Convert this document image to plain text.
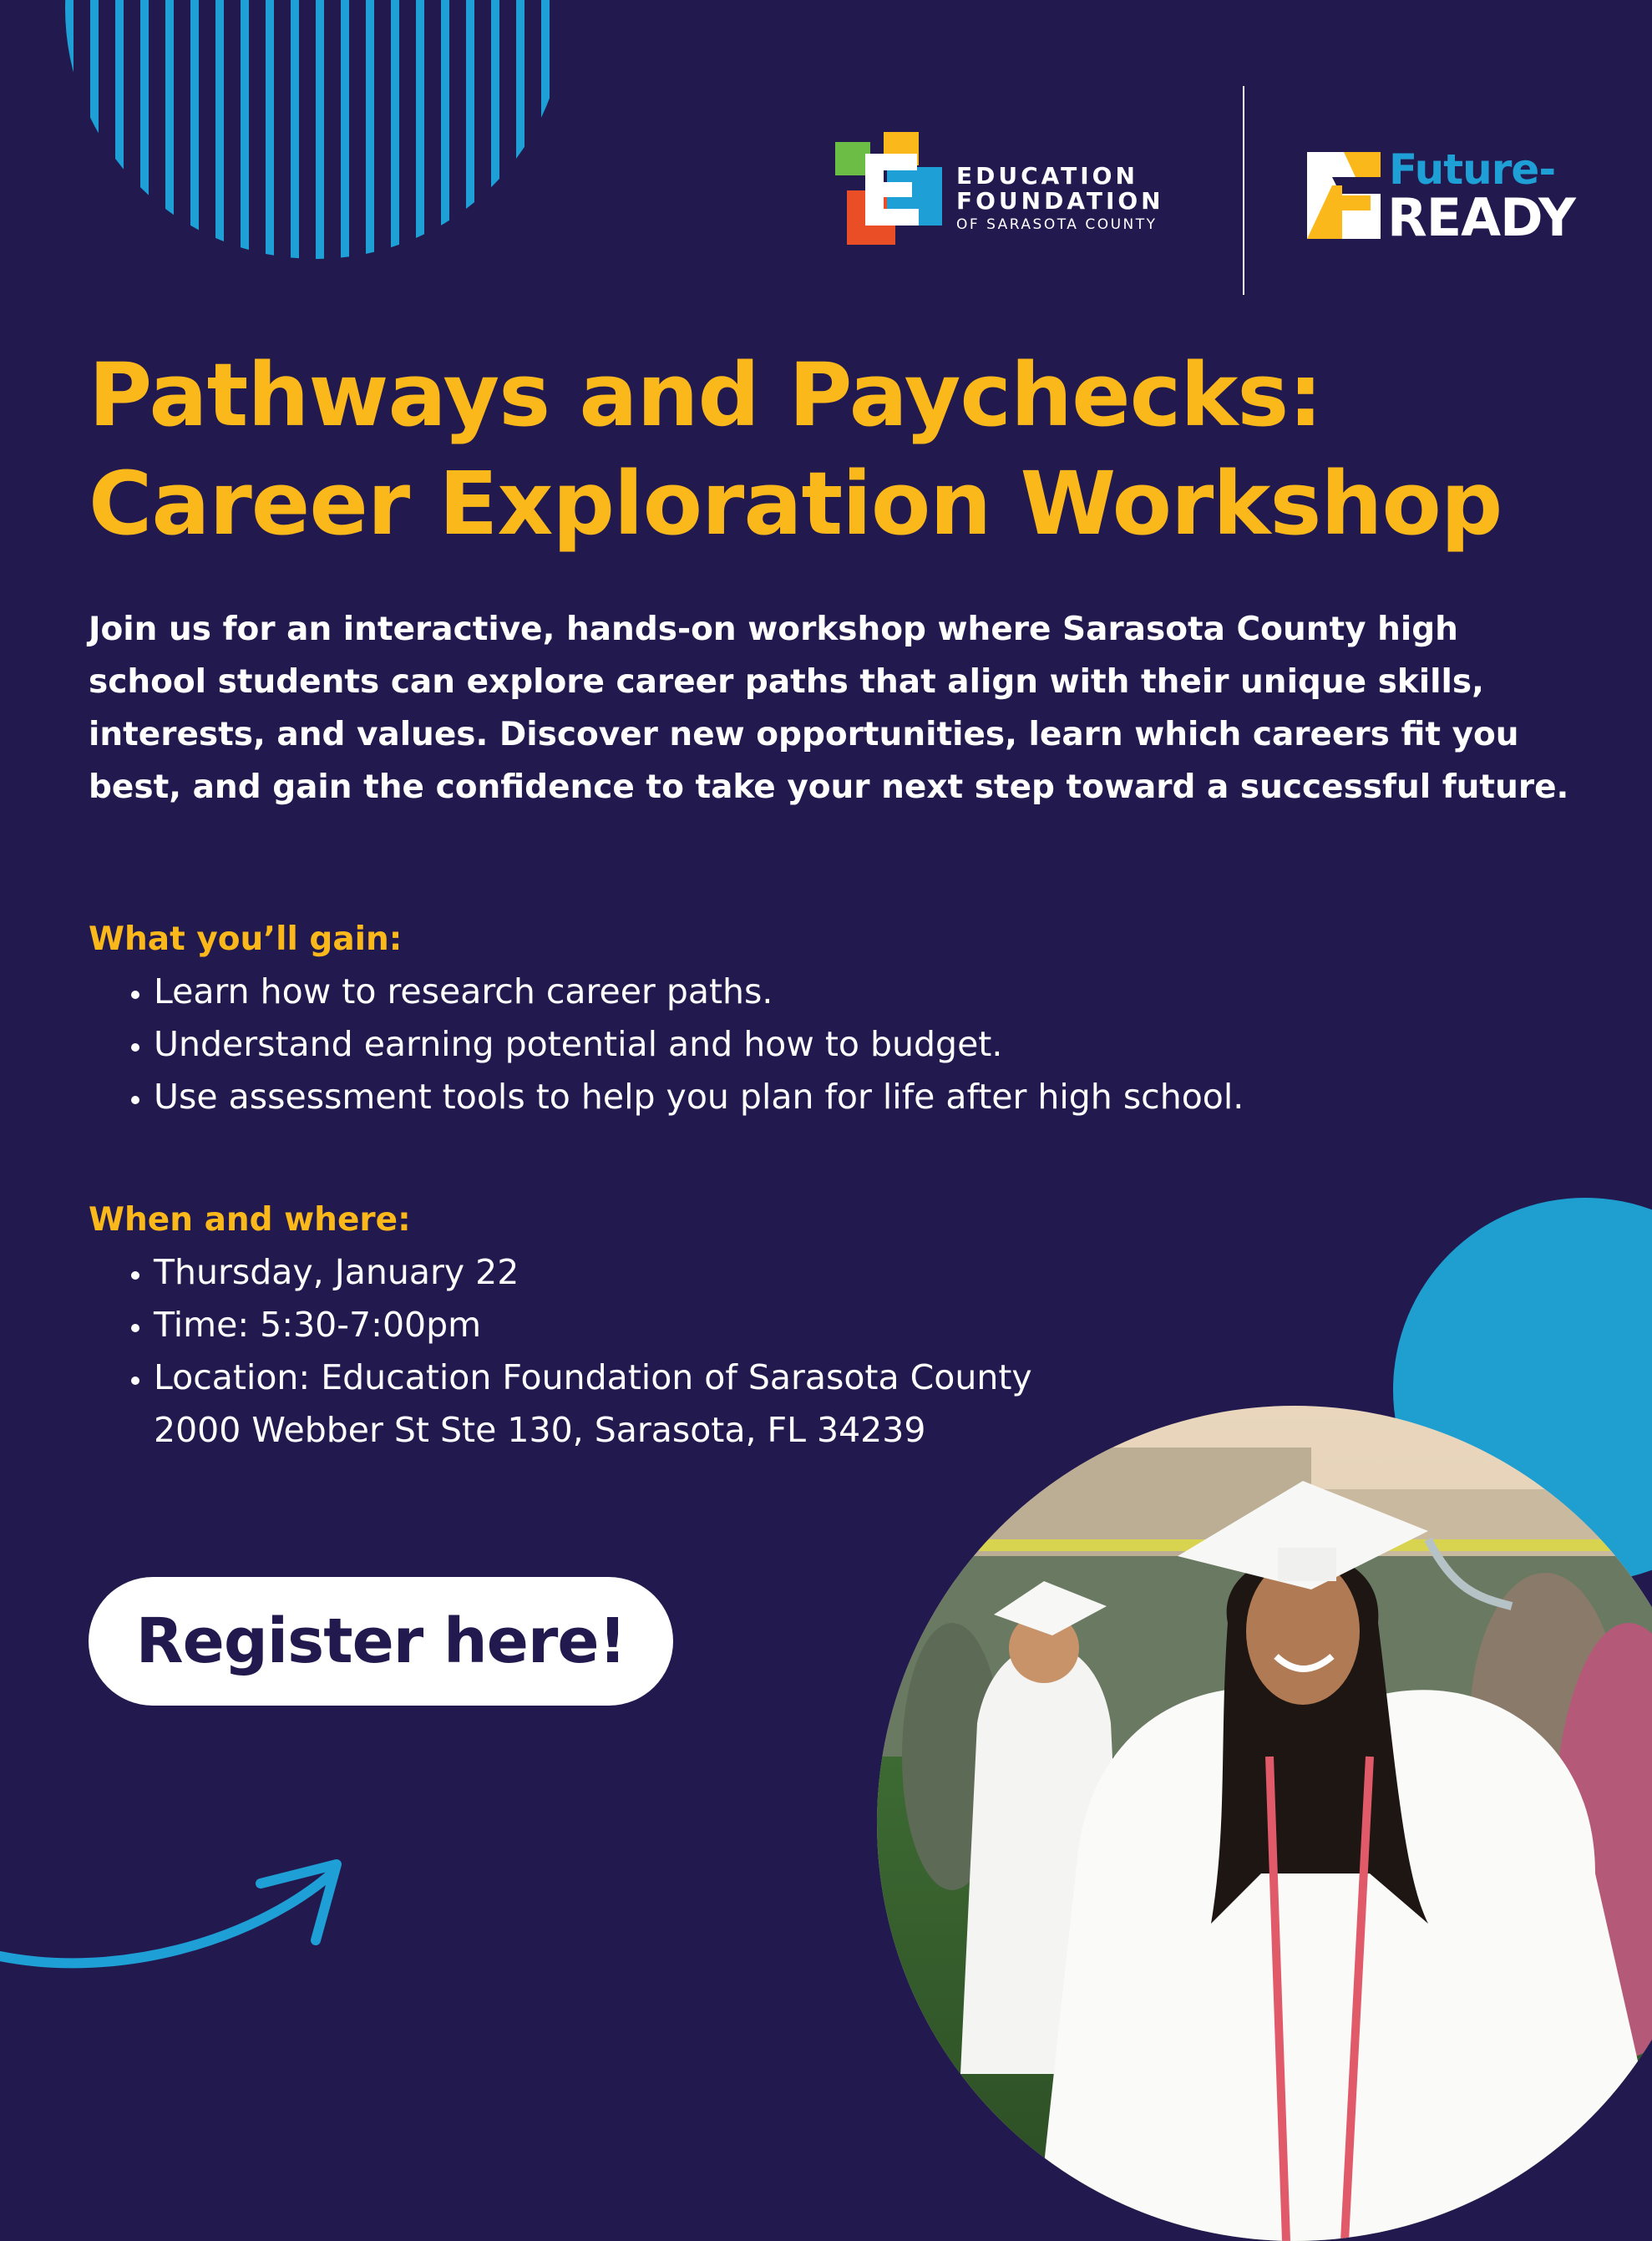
EDUCATION
FOUNDATION
OF SARASOTA COUNTY
Future-
READY
Pathways and Paychecks:
Career Exploration Workshop
Join us for an interactive, hands-on workshop where Sarasota County high school students can explore career paths that align with their unique skills, interests, and values. Discover new opportunities, learn which careers fit you best, and gain the confidence to take your next step toward a successful future.
What you’ll gain:
• Learn how to research career paths.
• Understand earning potential and how to budget.
• Use assessment tools to help you plan for life after high school.
When and where:
• Thursday, January 22
• Time: 5:30-7:00pm
• Location: Education Foundation of Sarasota County
2000 Webber St Ste 130, Sarasota, FL 34239
Register here!
